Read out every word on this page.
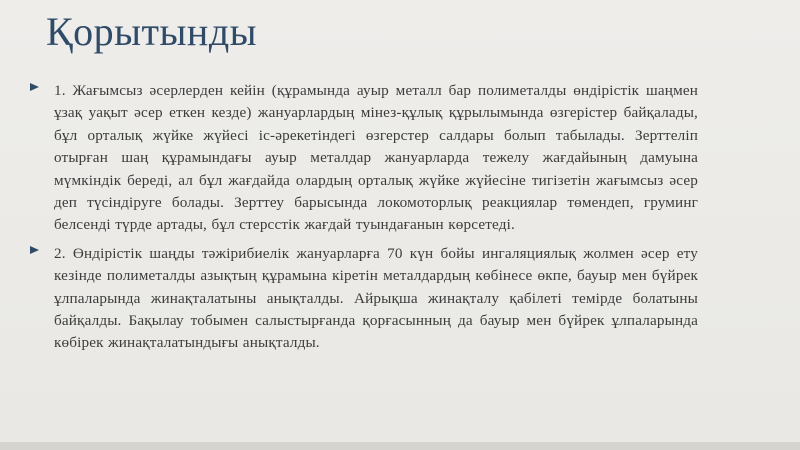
Қорытынды
1. Жағымсыз әсерлерден кейін (құрамында ауыр металл бар полиметалды өндірістік шаңмен ұзақ уақыт әсер еткен кезде) жануарлардың мінез-құлық құрылымында өзгерістер байқалады, бұл орталық жүйке жүйесі іс-әрекетіндегі өзгерстер салдары болып табылады. Зерттеліп отырған шаң құрамындағы ауыр металдар жануарларда тежелу жағдайының дамуына мүмкіндік береді, ал бұл жағдайда олардың орталық жүйке жүйесіне тигізетін жағымсыз әсер деп түсіндіруге болады. Зерттеу барысында локомоторлық реакциялар төмендеп, груминг белсенді түрде артады, бұл стерсстік жағдай туындағанын көрсетеді.
2. Өндірістік шаңды тәжірибиелік жануарларға 70 күн бойы ингаляциялық жолмен әсер ету кезінде полиметалды азықтың құрамына кіретін металдардың көбінесе өкпе, бауыр мен бүйрек ұлпаларында жинақталатыны анықталды. Айрықша жинақталу қабілеті темірде болатыны байқалды. Бақылау тобымен салыстырғанда қорғасынның да бауыр мен бүйрек ұлпаларында көбірек жинақталатындығы анықталды.
